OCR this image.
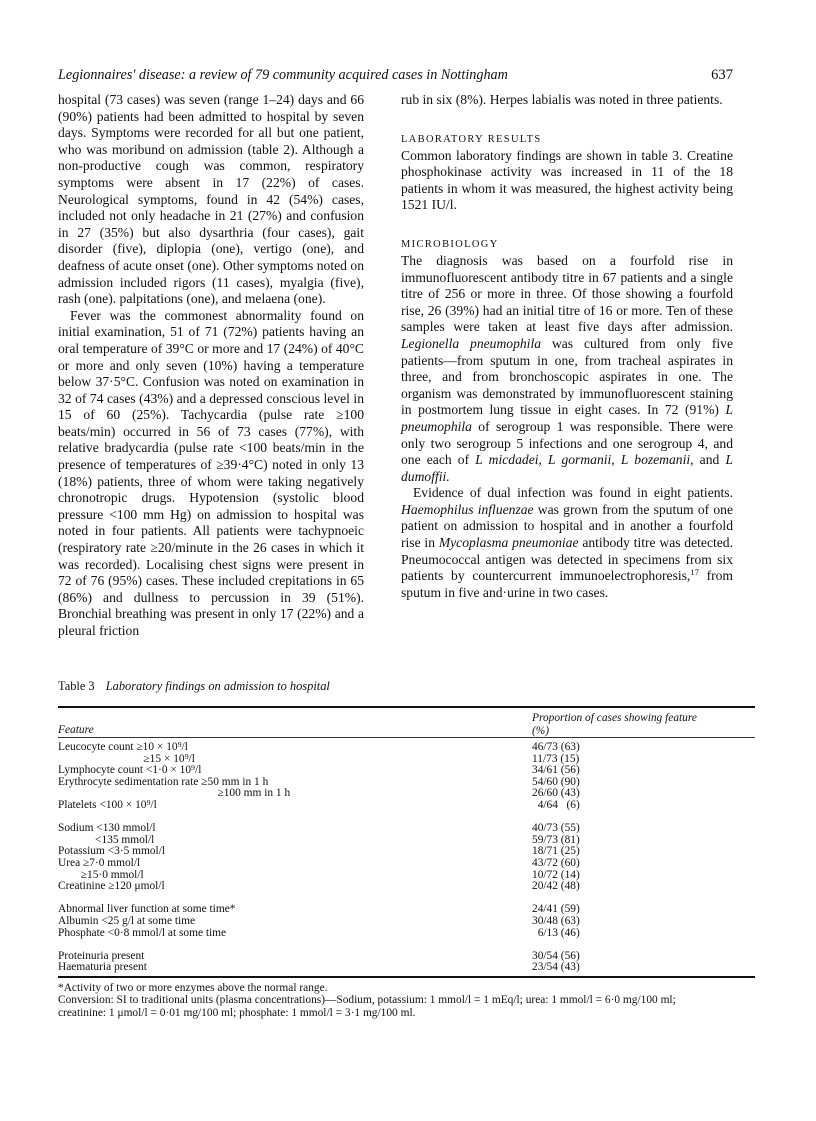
Legionnaires' disease: a review of 79 community acquired cases in Nottingham	637

hospital (73 cases) was seven (range 1–24) days and 66 (90%) patients had been admitted to hospital by seven days. Symptoms were recorded for all but one patient, who was moribund on admission (table 2). Although a non-productive cough was common, respiratory symptoms were absent in 17 (22%) of cases. Neurological symptoms, found in 42 (54%) cases, included not only headache in 21 (27%) and confusion in 27 (35%) but also dysarthria (four cases), gait disorder (five), diplopia (one), vertigo (one), and deafness of acute onset (one). Other symptoms noted on admission included rigors (11 cases), myalgia (five), rash (one). palpitations (one), and melaena (one).

Fever was the commonest abnormality found on initial examination, 51 of 71 (72%) patients having an oral temperature of 39°C or more and 17 (24%) of 40°C or more and only seven (10%) having a temperature below 37·5°C. Confusion was noted on examination in 32 of 74 cases (43%) and a depressed conscious level in 15 of 60 (25%). Tachycardia (pulse rate ≥100 beats/min) occurred in 56 of 73 cases (77%), with relative bradycardia (pulse rate <100 beats/min in the presence of temperatures of ≥39·4°C) noted in only 13 (18%) patients, three of whom were taking negatively chronotropic drugs. Hypotension (systolic blood pressure <100 mm Hg) on admission to hospital was noted in four patients. All patients were tachypnoeic (respiratory rate ≥20/minute in the 26 cases in which it was recorded). Localising chest signs were present in 72 of 76 (95%) cases. These included crepitations in 65 (86%) and dullness to percussion in 39 (51%). Bronchial breathing was present in only 17 (22%) and a pleural friction

rub in six (8%). Herpes labialis was noted in three patients.

LABORATORY RESULTS

Common laboratory findings are shown in table 3. Creatine phosphokinase activity was increased in 11 of the 18 patients in whom it was measured, the highest activity being 1521 IU/l.

MICROBIOLOGY

The diagnosis was based on a fourfold rise in immunofluorescent antibody titre in 67 patients and a single titre of 256 or more in three. Of those showing a fourfold rise, 26 (39%) had an initial titre of 16 or more. Ten of these samples were taken at least five days after admission. Legionella pneumophila was cultured from only five patients—from sputum in one, from tracheal aspirates in three, and from bronchoscopic aspirates in one. The organism was demonstrated by immunofluorescent staining in postmortem lung tissue in eight cases. In 72 (91%) L pneumophila of serogroup 1 was responsible. There were only two serogroup 5 infections and one serogroup 4, and one each of L micdadei, L gormanii, L bozemanii, and L dumoffii.

Evidence of dual infection was found in eight patients. Haemophilus influenzae was grown from the sputum of one patient on admission to hospital and in another a fourfold rise in Mycoplasma pneumoniae antibody titre was detected. Pneumococcal antigen was detected in specimens from six patients by countercurrent immunoelectrophoresis,$^{17}$ from sputum in five and·urine in two cases.

Table 3 Laboratory findings on admission to hospital
Feature
Proportion of cases showing feature
(%)
Leucocyte count ≥10 × 10⁹/l	46/73 (63)
≥15 × 10⁹/l	11/73 (15)
Lymphocyte count <1·0 × 10⁹/l	34/61 (56)
Erythrocyte sedimentation rate ≥50 mm in 1 h	54/60 (90)
≥100 mm in 1 h	26/60 (43)
Platelets <100 × 10⁹/l	4/64   (6)
Sodium <130 mmol/l	40/73 (55)
<135 mmol/l	59/73 (81)
Potassium <3·5 mmol/l	18/71 (25)
Urea ≥7·0 mmol/l	43/72 (60)
≥15·0 mmol/l	10/72 (14)
Creatinine ≥120 μmol/l	20/42 (48)
Abnormal liver function at some time*	24/41 (59)
Albumin <25 g/l at some time	30/48 (63)
Phosphate <0·8 mmol/l at some time	6/13 (46)
Proteinuria present	30/54 (56)
Haematuria present	23/54 (43)

*Activity of two or more enzymes above the normal range.

Conversion: SI to traditional units (plasma concentrations)—Sodium, potassium: 1 mmol/l = 1 mEq/l; urea: 1 mmol/l = 6·0 mg/100 ml;

creatinine: 1 μmol/l = 0·01 mg/100 ml; phosphate: 1 mmol/l = 3·1 mg/100 ml.
